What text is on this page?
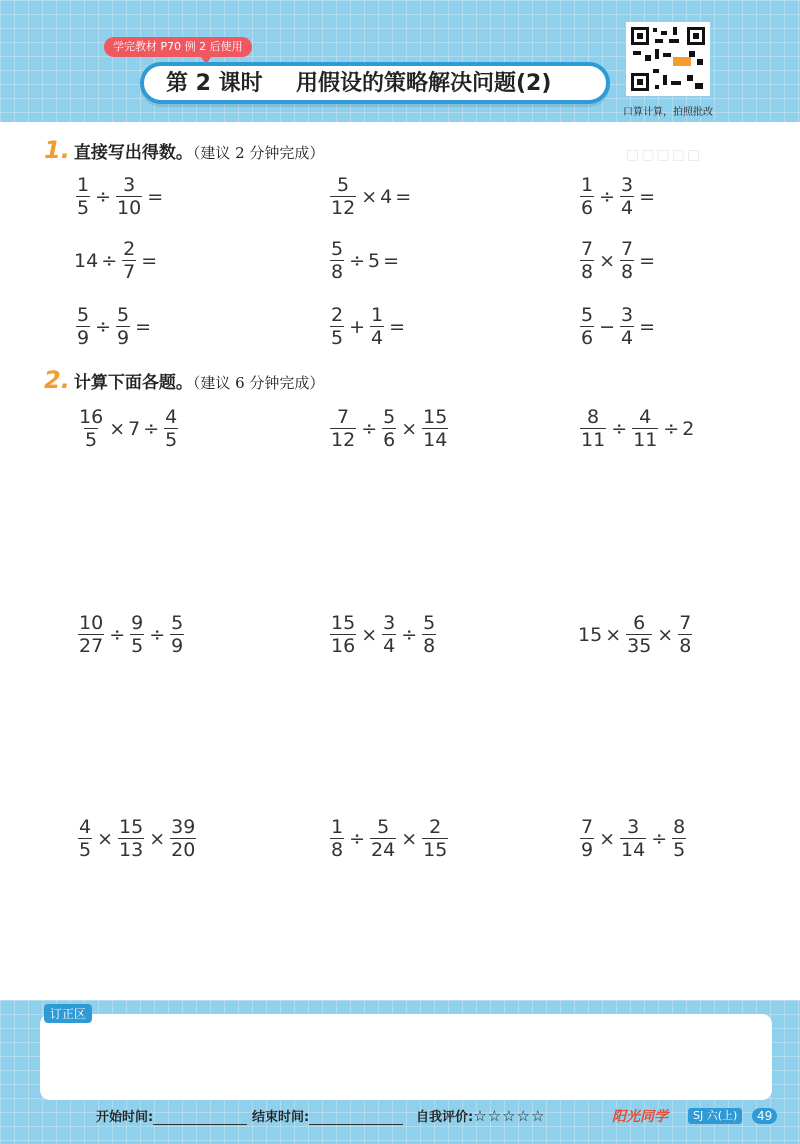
学完教材 P70 例 2 后使用
第 2 课时 用假设的策略解决问题(2)
口算计算，拍照批改
1. 直接写出得数。（建议 2 分钟完成）	□□□□□
$\frac{1}{5} \div \frac{3}{10}$ =	$\frac{5}{12} \times 4$ =	$\frac{1}{6} \div \frac{3}{4}$ =
$14 \div \frac{2}{7}$ =	$\frac{5}{8} \div 5$ =	$\frac{7}{8} \times \frac{7}{8}$ =
$\frac{5}{9} \div \frac{5}{9}$ =	$\frac{2}{5} + \frac{1}{4}$ =	$\frac{5}{6} - \frac{3}{4}$ =
2. 计算下面各题。（建议 6 分钟完成）
$\frac{16}{5} \times 7 \div \frac{4}{5}$	$\frac{7}{12} \div \frac{5}{6} \times \frac{15}{14}$	$\frac{8}{11} \div \frac{4}{11} \div 2$
$\frac{10}{27} \div \frac{9}{5} \div \frac{5}{9}$	$\frac{15}{16} \times \frac{3}{4} \div \frac{5}{8}$	$15 \times \frac{6}{35} \times \frac{7}{8}$
$\frac{4}{5} \times \frac{15}{13} \times \frac{39}{20}$	$\frac{1}{8} \div \frac{5}{24} \times \frac{2}{15}$	$\frac{7}{9} \times \frac{3}{14} \div \frac{8}{5}$
订正区
开始时间:	结束时间:	自我评价:☆☆☆☆☆	阳光同学	SJ 六(上)	49
